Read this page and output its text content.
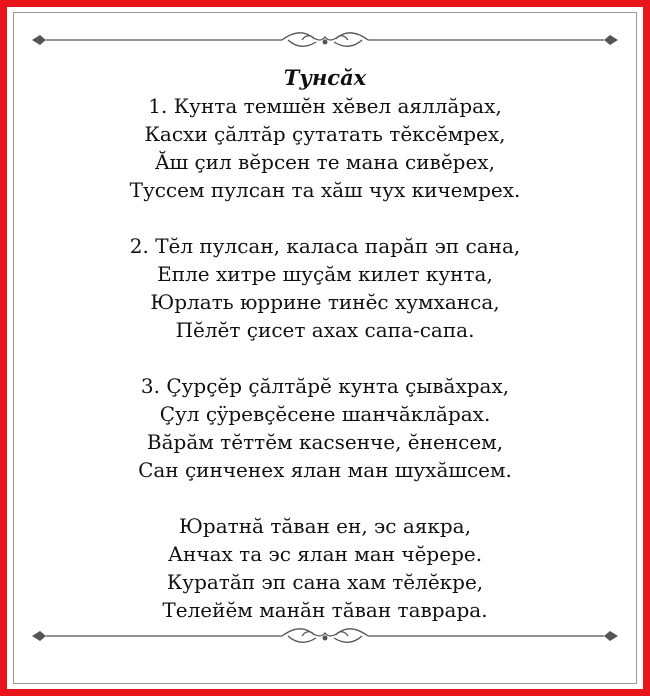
Тунсăх
1. Кунта темшĕн хĕвел аяллăрах,
Касхи çăлтăр çутатать тĕксĕмрех,
Ăш çил вĕрсен те мана сивĕрех,
Туссем пулсан та хăш чух кичемрех.
2. Тĕл пулсан, каласа парăп эп сана,
Епле хитре шуçăм килет кунта,
Юрлать юррине тинĕс хумханса,
Пĕлĕт çисет ахах сапа-сапа.
3. Çурçĕр çăлтăрĕ кунта çывăхрах,
Çул çÿревçĕсене шанчăклăрах.
Вăрăм тĕттĕм касsенче, ĕненсем,
Сан çинченех ялан ман шухăшсем.
Юратнă тăван ен, эс аякра,
Анчах та эс ялан ман чĕрере.
Куратăп эп сана хам тĕлĕкре,
Телейĕм манăн тăван таврара.
